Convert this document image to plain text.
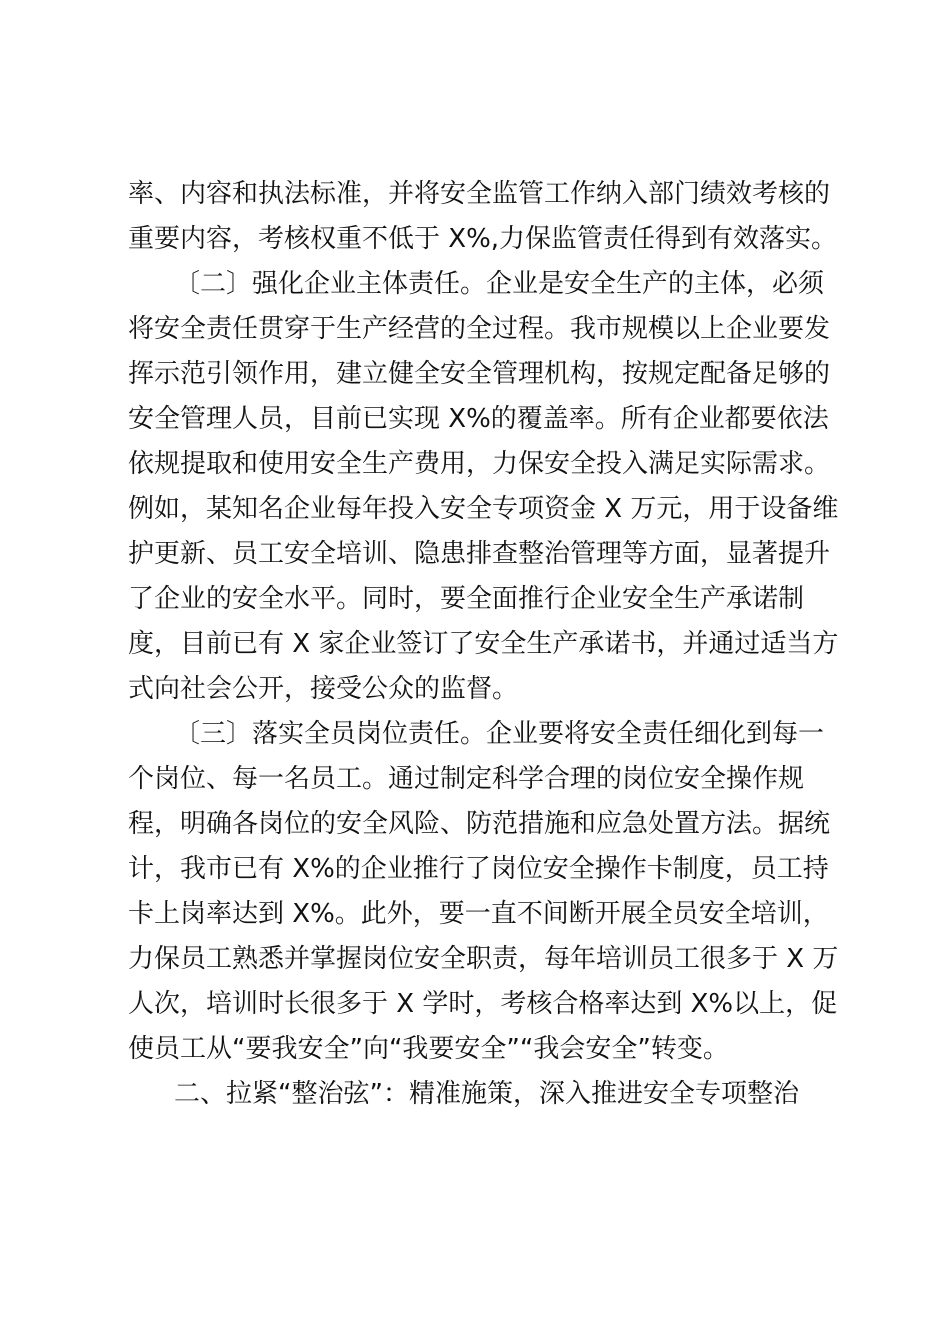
率、内容和执法标准，并将安全监管工作纳入部门绩效考核的
重要内容，考核权重不低于 X%,力保监管责任得到有效落实。
〔二〕强化企业主体责任。企业是安全生产的主体，必须
将安全责任贯穿于生产经营的全过程。我市规模以上企业要发
挥示范引领作用，建立健全安全管理机构，按规定配备足够的
安全管理人员，目前已实现 X%的覆盖率。所有企业都要依法
依规提取和使用安全生产费用，力保安全投入满足实际需求。
例如，某知名企业每年投入安全专项资金 X 万元，用于设备维
护更新、员工安全培训、隐患排查整治管理等方面，显著提升
了企业的安全水平。同时，要全面推行企业安全生产承诺制
度，目前已有 X 家企业签订了安全生产承诺书，并通过适当方
式向社会公开，接受公众的监督。
〔三〕落实全员岗位责任。企业要将安全责任细化到每一
个岗位、每一名员工。通过制定科学合理的岗位安全操作规
程，明确各岗位的安全风险、防范措施和应急处置方法。据统
计，我市已有 X%的企业推行了岗位安全操作卡制度，员工持
卡上岗率达到 X%。此外，要一直不间断开展全员安全培训，
力保员工熟悉并掌握岗位安全职责，每年培训员工很多于 X 万
人次，培训时长很多于 X 学时，考核合格率达到 X%以上，促
使员工从“要我安全”向“我要安全”“我会安全”转变。
二、拉紧“整治弦”：精准施策，深入推进安全专项整治
